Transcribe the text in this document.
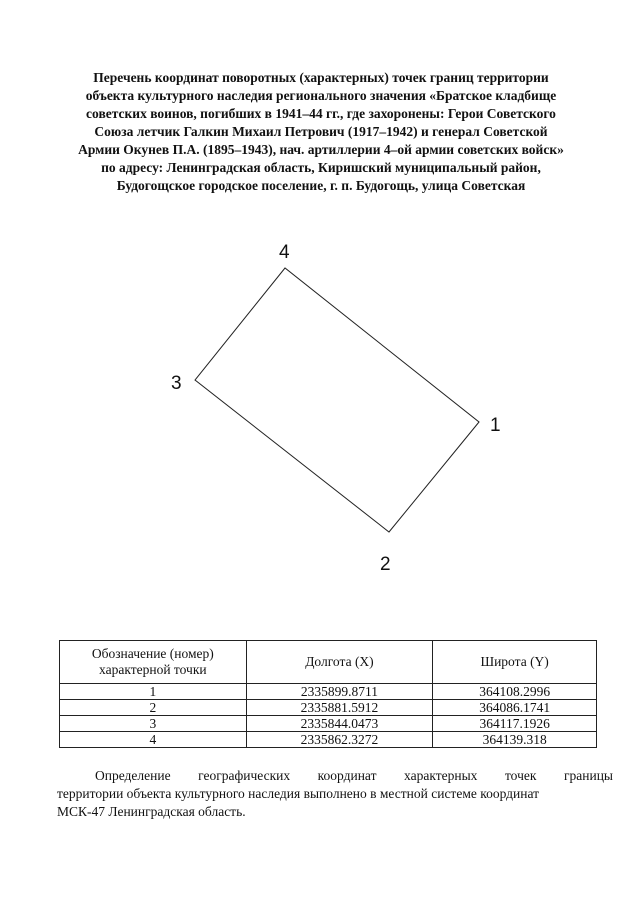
Перечень координат поворотных (характерных) точек границ территории
объекта культурного наследия регионального значения «Братское кладбище
советских воинов, погибших в 1941–44 гг., где захоронены: Герои Советского
Союза летчик Галкин Михаил Петрович (1917–1942) и генерал Советской
Армии Окунев П.А. (1895–1943), нач. артиллерии 4–ой армии советских войск»
по адресу: Ленинградская область, Киришский муниципальный район,
Будогощское городское поселение, г. п. Будогощь, улица Советская
1
2
3
4
Обозначение (номер) характерной точки	Долгота (X)	Широта (Y)
1	2335899.8711	364108.2996
2	2335881.5912	364086.1741
3	2335844.0473	364117.1926
4	2335862.3272	364139.318
Определение географических координат характерных точек границы
территории объекта культурного наследия выполнено в местной системе координат
МСК-47 Ленинградская область.
